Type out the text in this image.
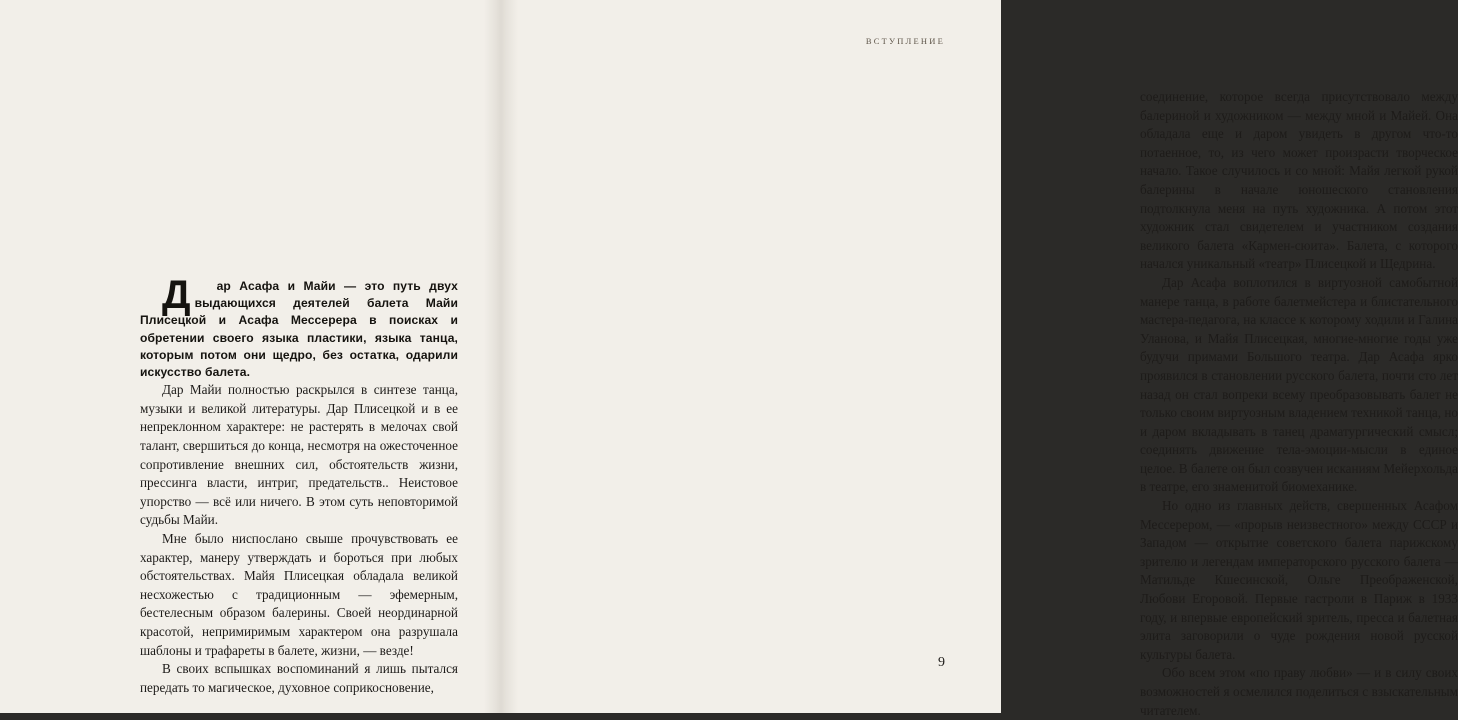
Д	ар Асафа и Майи — это путь двух выдающихся деятелей балета Майи Плисецкой и Асафа Мессерера в поисках и обретении своего языка пластики, языка танца, которым потом они щедро, без остатка, одарили искусство балета.

Дар Майи полностью раскрылся в синтезе танца, музыки и великой литературы. Дар Плисецкой и в ее непреклонном характере: не растерять в мелочах свой талант, свершиться до конца, несмотря на ожесточенное сопротивление внешних сил, обстоятельств жизни, прессинга власти, интриг, предательств.. Неистовое упорство — всё или ничего. В этом суть неповторимой судьбы Майи.

Мне было ниспослано свыше прочувствовать ее характер, манеру утверждать и бороться при любых обстоятельствах. Майя Плисецкая обладала великой несхожестью с традиционным — эфемерным, бестелесным образом балерины. Своей неординарной красотой, непримиримым характером она разрушала шаблоны и трафареты в балете, жизни, — везде!

В своих вспышках воспоминаний я лишь пытался передать то магическое, духовное соприкосновение,

ВСТУПЛЕНИЕ

соединение, которое всегда присутствовало между балериной и художником — между мной и Майей. Она обладала еще и даром увидеть в другом что-то потаенное, то, из чего может произрасти творческое начало. Такое случилось и со мной: Майя легкой рукой балерины в начале юношеского становления подтолкнула меня на путь художника. А потом этот художник стал свидетелем и участником создания великого балета «Кармен-сюита». Балета, с которого начался уникальный «театр» Плисецкой и Щедрина.

Дар Асафа воплотился в виртуозной самобытной манере танца, в работе балетмейстера и блистательного мастера-педагога, на классе к которому ходили и Галина Уланова, и Майя Плисецкая, многие-многие годы уже будучи примами Большого театра. Дар Асафа ярко проявился в становлении русского балета, почти сто лет назад он стал вопреки всему преобразовывать балет не только своим виртуозным владением техникой танца, но и даром вкладывать в танец драматургический смысл; соединять движение тела-эмоции-мысли в единое целое. В балете он был созвучен исканиям Мейерхольда в театре, его знаменитой биомеханике.

Но одно из главных действ, свершенных Асафом Мессерером, — «прорыв неизвестного» между СССР и Западом — открытие советского балета парижскому зрителю и легендам императорского русского балета — Матильде Кшесинской, Ольге Преображенской, Любови Егоровой. Первые гастроли в Париж в 1933 году, и впервые европейский зритель, пресса и балетная элита заговорили о чуде рождения новой русской культуры балета.

Обо всем этом «по праву любви» — и в силу своих возможностей я осмелился поделиться с взыскательным читателем.

9
